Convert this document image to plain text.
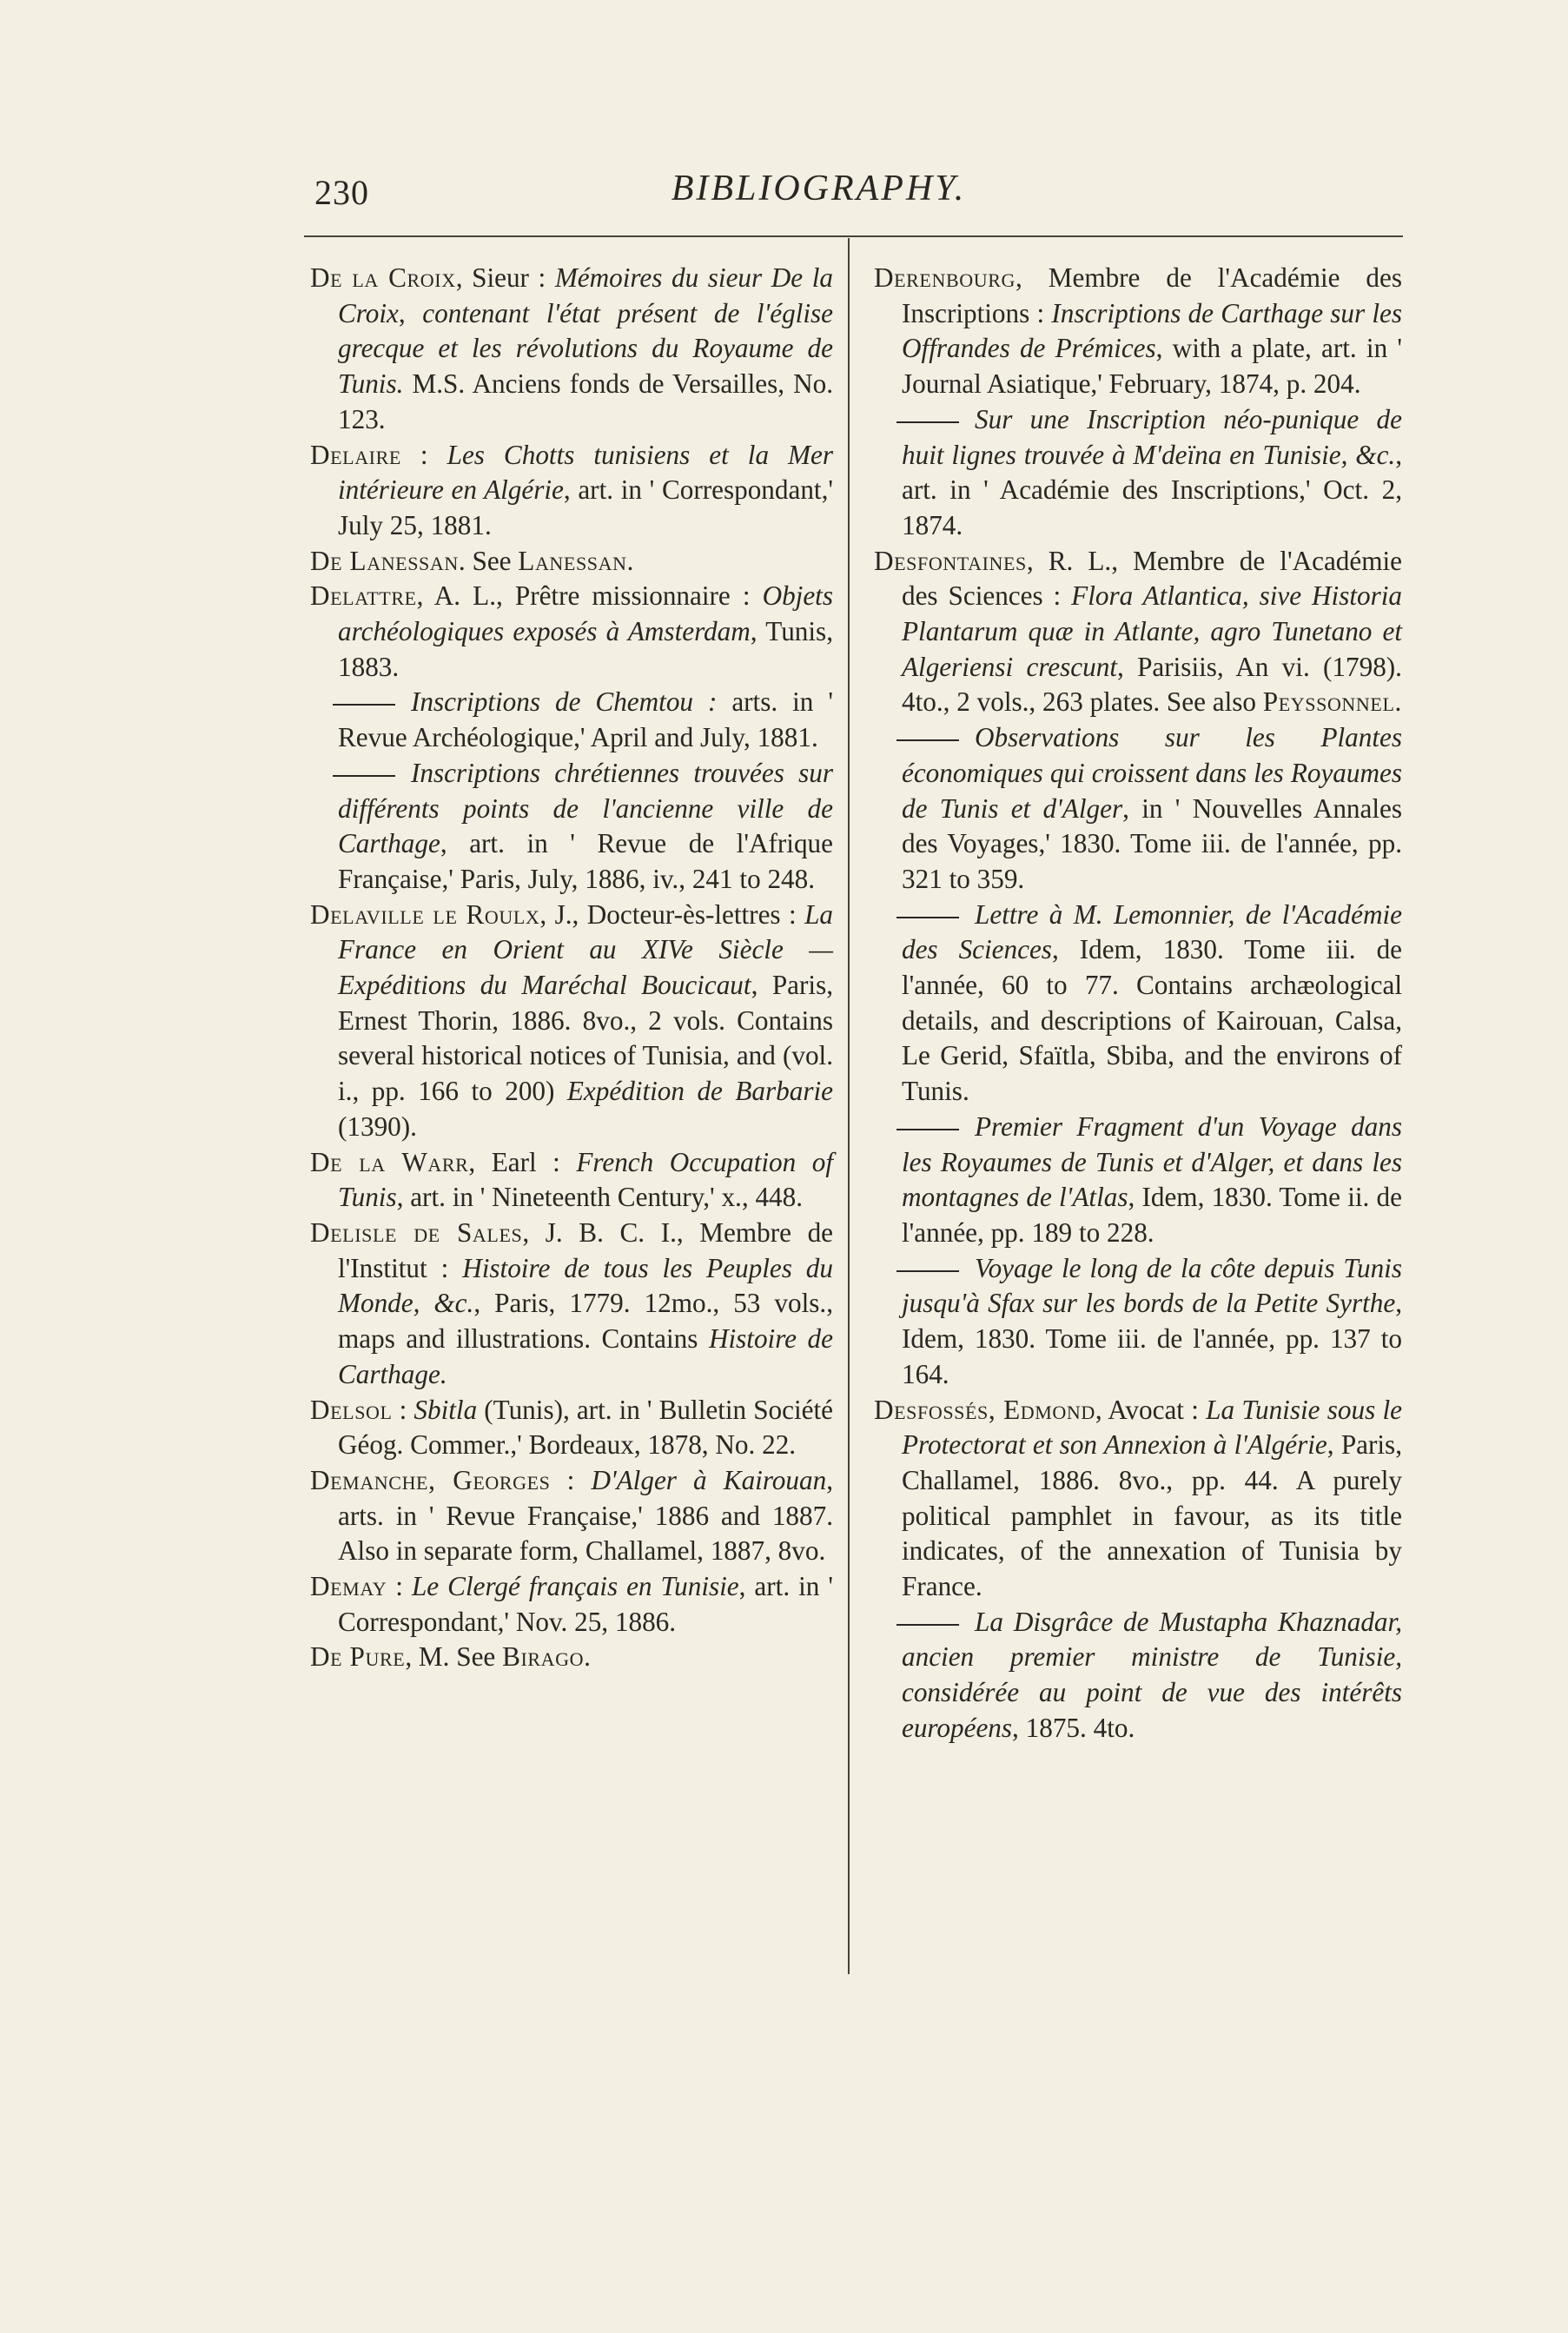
230	BIBLIOGRAPHY.

De la Croix, Sieur : Mémoires du sieur De la Croix, contenant l'état présent de l'église grecque et les révolutions du Royaume de Tunis. M.S. Anciens fonds de Versailles, No. 123.

Delaire : Les Chotts tunisiens et la Mer intérieure en Algérie, art. in ' Correspondant,' July 25, 1881.

De Lanessan. See Lanessan.

Delattre, A. L., Prêtre missionnaire : Objets archéologiques exposés à Amsterdam, Tunis, 1883.

Inscriptions de Chemtou : arts. in ' Revue Archéologique,' April and July, 1881.

Inscriptions chrétiennes trouvées sur différents points de l'ancienne ville de Carthage, art. in ' Revue de l'Afrique Française,' Paris, July, 1886, iv., 241 to 248.

Delaville le Roulx, J., Docteur-ès-lettres : La France en Orient au XIVe Siècle — Expéditions du Maréchal Boucicaut, Paris, Ernest Thorin, 1886. 8vo., 2 vols. Contains several historical notices of Tunisia, and (vol. i., pp. 166 to 200) Expédition de Barbarie (1390).

De la Warr, Earl : French Occupation of Tunis, art. in ' Nineteenth Century,' x., 448.

Delisle de Sales, J. B. C. I., Membre de l'Institut : Histoire de tous les Peuples du Monde, &c., Paris, 1779. 12mo., 53 vols., maps and illustrations. Contains Histoire de Carthage.

Delsol : Sbitla (Tunis), art. in ' Bulletin Société Géog. Commer.,' Bordeaux, 1878, No. 22.

Demanche, Georges : D'Alger à Kairouan, arts. in ' Revue Française,' 1886 and 1887. Also in separate form, Challamel, 1887, 8vo.

Demay : Le Clergé français en Tunisie, art. in ' Correspondant,' Nov. 25, 1886.

De Pure, M. See Birago.

Derenbourg, Membre de l'Académie des Inscriptions : Inscriptions de Carthage sur les Offrandes de Prémices, with a plate, art. in ' Journal Asiatique,' February, 1874, p. 204.

Sur une Inscription néo-punique de huit lignes trouvée à M'deïna en Tunisie, &c., art. in ' Académie des Inscriptions,' Oct. 2, 1874.

Desfontaines, R. L., Membre de l'Académie des Sciences : Flora Atlantica, sive Historia Plantarum quæ in Atlante, agro Tunetano et Algeriensi crescunt, Parisiis, An vi. (1798). 4to., 2 vols., 263 plates. See also Peyssonnel.

Observations sur les Plantes économiques qui croissent dans les Royaumes de Tunis et d'Alger, in ' Nouvelles Annales des Voyages,' 1830. Tome iii. de l'année, pp. 321 to 359.

Lettre à M. Lemonnier, de l'Académie des Sciences, Idem, 1830. Tome iii. de l'année, 60 to 77. Contains archæological details, and descriptions of Kairouan, Calsa, Le Gerid, Sfaïtla, Sbiba, and the environs of Tunis.

Premier Fragment d'un Voyage dans les Royaumes de Tunis et d'Alger, et dans les montagnes de l'Atlas, Idem, 1830. Tome ii. de l'année, pp. 189 to 228.

Voyage le long de la côte depuis Tunis jusqu'à Sfax sur les bords de la Petite Syrthe, Idem, 1830. Tome iii. de l'année, pp. 137 to 164.

Desfossés, Edmond, Avocat : La Tunisie sous le Protectorat et son Annexion à l'Algérie, Paris, Challamel, 1886. 8vo., pp. 44. A purely political pamphlet in favour, as its title indicates, of the annexation of Tunisia by France.

La Disgrâce de Mustapha Khaznadar, ancien premier ministre de Tunisie, considérée au point de vue des intérêts européens, 1875. 4to.
